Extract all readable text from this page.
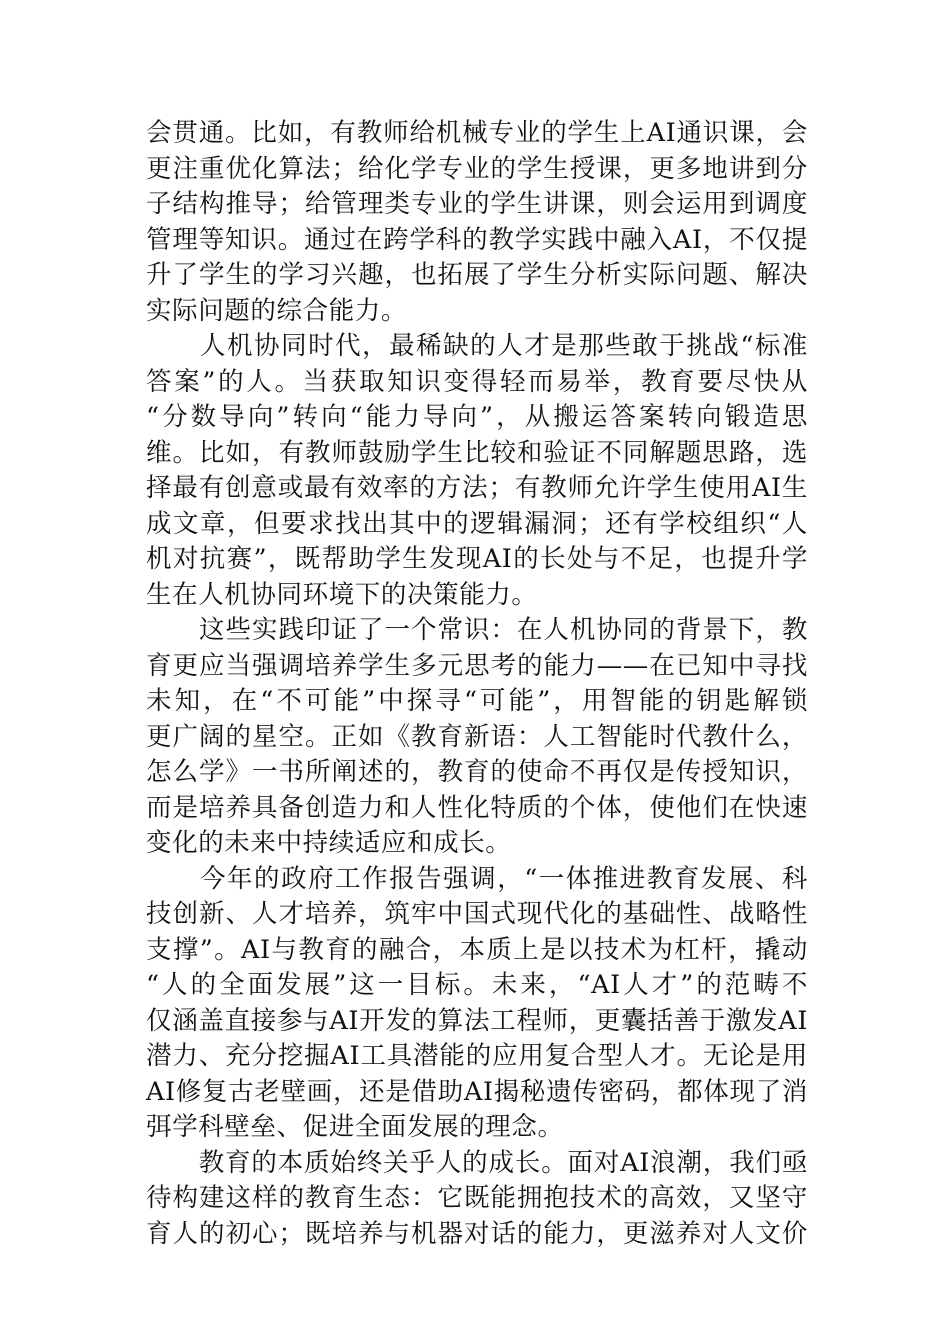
会贯通。比如，有教师给机械专业的学生上AI通识课，会
更注重优化算法；给化学专业的学生授课，更多地讲到分
子结构推导；给管理类专业的学生讲课，则会运用到调度
管理等知识。通过在跨学科的教学实践中融入AI，不仅提
升了学生的学习兴趣，也拓展了学生分析实际问题、解决
实际问题的综合能力。
　　人机协同时代，最稀缺的人才是那些敢于挑战“标准
答案”的人。当获取知识变得轻而易举，教育要尽快从
“分数导向”转向“能力导向”，从搬运答案转向锻造思
维。比如，有教师鼓励学生比较和验证不同解题思路，选
择最有创意或最有效率的方法；有教师允许学生使用AI生
成文章，但要求找出其中的逻辑漏洞；还有学校组织“人
机对抗赛”，既帮助学生发现AI的长处与不足，也提升学
生在人机协同环境下的决策能力。
　　这些实践印证了一个常识：在人机协同的背景下，教
育更应当强调培养学生多元思考的能力——在已知中寻找
未知，在“不可能”中探寻“可能”，用智能的钥匙解锁
更广阔的星空。正如《教育新语：人工智能时代教什么，
怎么学》一书所阐述的，教育的使命不再仅是传授知识，
而是培养具备创造力和人性化特质的个体，使他们在快速
变化的未来中持续适应和成长。
　　今年的政府工作报告强调，“一体推进教育发展、科
技创新、人才培养，筑牢中国式现代化的基础性、战略性
支撑”。AI与教育的融合，本质上是以技术为杠杆，撬动
“人的全面发展”这一目标。未来，“AI人才”的范畴不
仅涵盖直接参与AI开发的算法工程师，更囊括善于激发AI
潜力、充分挖掘AI工具潜能的应用复合型人才。无论是用
AI修复古老壁画，还是借助AI揭秘遗传密码，都体现了消
弭学科壁垒、促进全面发展的理念。
　　教育的本质始终关乎人的成长。面对AI浪潮，我们亟
待构建这样的教育生态：它既能拥抱技术的高效，又坚守
育人的初心；既培养与机器对话的能力，更滋养对人文价
